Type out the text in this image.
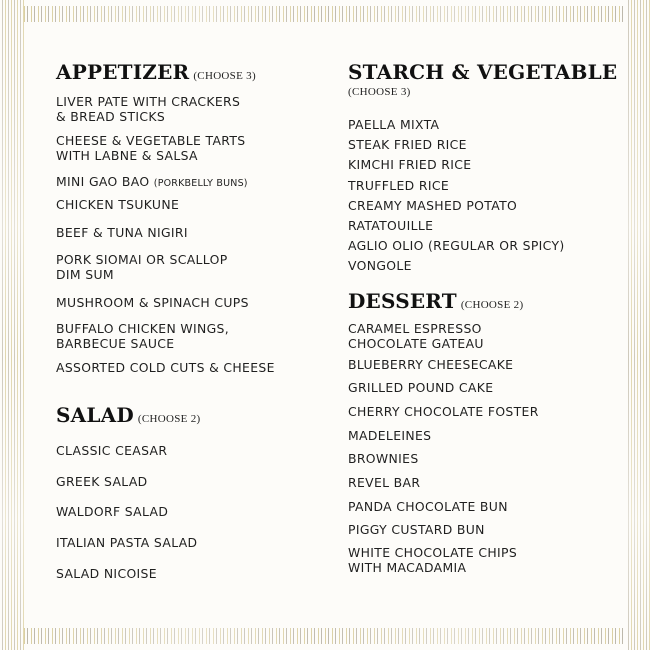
APPETIZER (CHOOSE 3)
LIVER PATE WITH CRACKERS
& BREAD STICKS
CHEESE & VEGETABLE TARTS
WITH LABNE & SALSA
MINI GAO BAO (PORKBELLY BUNS)
CHICKEN TSUKUNE
BEEF & TUNA NIGIRI
PORK SIOMAI OR SCALLOP
DIM SUM
MUSHROOM & SPINACH CUPS
BUFFALO CHICKEN WINGS,
BARBECUE SAUCE
ASSORTED COLD CUTS & CHEESE
SALAD (CHOOSE 2)
CLASSIC CEASAR
GREEK SALAD
WALDORF SALAD
ITALIAN PASTA SALAD
SALAD NICOISE
STARCH & VEGETABLE
(CHOOSE 3)
PAELLA MIXTA
STEAK FRIED RICE
KIMCHI FRIED RICE
TRUFFLED RICE
CREAMY MASHED POTATO
RATATOUILLE
AGLIO OLIO (REGULAR OR SPICY)
VONGOLE
DESSERT (CHOOSE 2)
CARAMEL ESPRESSO
CHOCOLATE GATEAU
BLUEBERRY CHEESECAKE
GRILLED POUND CAKE
CHERRY CHOCOLATE FOSTER
MADELEINES
BROWNIES
REVEL BAR
PANDA CHOCOLATE BUN
PIGGY CUSTARD BUN
WHITE CHOCOLATE CHIPS
WITH MACADAMIA
